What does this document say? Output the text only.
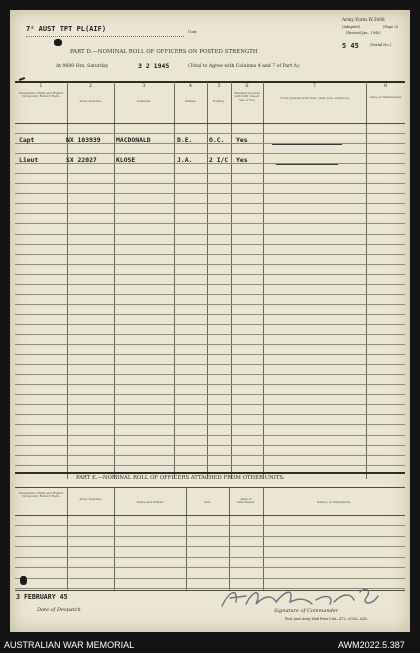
7² AUST TPT PL(AIF)	Unit
Army Form W.3008
(Adapted)	(Page 3)
(Revised Jan., 1940)
(Serial No.)
5 45
PART D.—NOMINAL ROLL OF OFFICERS ON POSTED STRENGTH
At 0600 Hrs. Saturday	3 2 1945	(Total to Agree with Columns 4 and 7 of Part A).
1	2	3	4	5	6	7	8
Substantive Rank and Higher Temporary Rank if Held.
Army Number.	Surname.	Initials.	Posting.
Whether present with Unit (insert Yes or No)	If not present with Unit, state how employed.	Date of Detachment.
Capt	NX 103939 MACDONALD	D.E.	O.C. Yes
Lieut	SX 22027	KLOSE	J.A.	2 I/C Yes
PART E.—NOMINAL ROLL OF OFFICERS ATTACHED FROM OTHER UNITS.
Substantive Rank and Higher Temporary Rank if Held.
Army Number.
Name and Initials	Unit.
Date of Attachment.	Nature of Attachment.
3 FEBRUARY 45
Date of Despatch	Signature of Commander
First Aust Army Mob Print Unit—471—9/2M—6/42.
AUSTRALIAN WAR MEMORIAL	AWM2022.5.387
